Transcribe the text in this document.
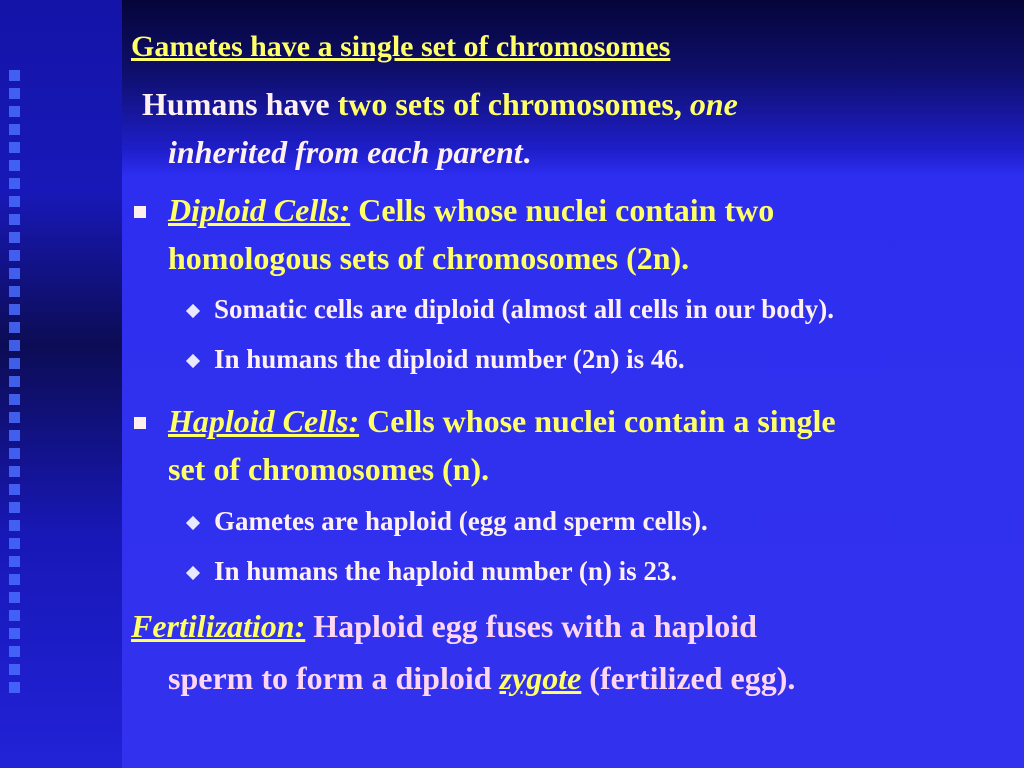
Gametes have a single set of chromosomes
Humans have two sets of chromosomes, one
inherited from each parent.
Diploid Cells: Cells whose nuclei contain two
homologous sets of chromosomes (2n).
Somatic cells are diploid (almost all cells in our body).
In humans the diploid number (2n) is 46.
Haploid Cells: Cells whose nuclei contain a single
set of chromosomes (n).
Gametes are haploid (egg and sperm cells).
In humans the haploid number (n) is 23.
Fertilization: Haploid egg fuses with a haploid
sperm to form a diploid zygote (fertilized egg).
